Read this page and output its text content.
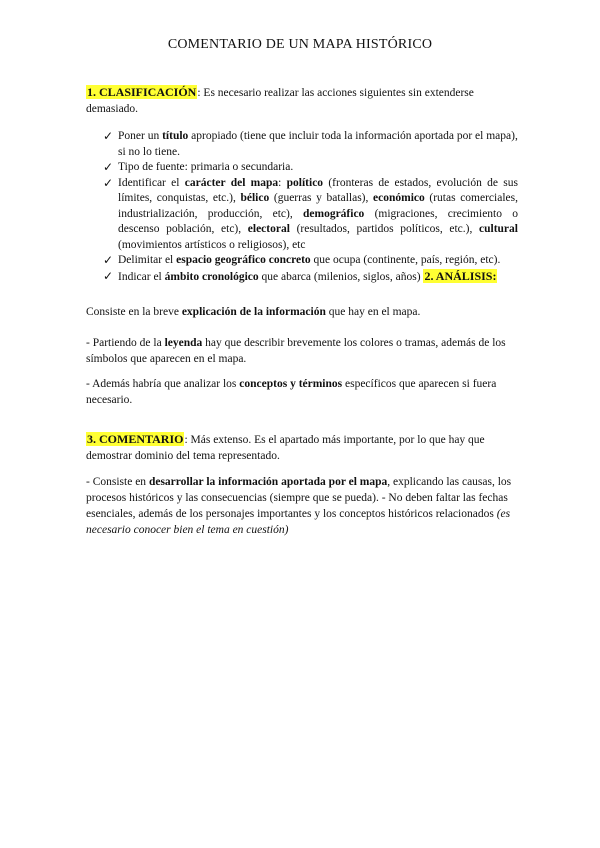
COMENTARIO DE UN MAPA HISTÓRICO
1. CLASIFICACIÓN: Es necesario realizar las acciones siguientes sin extenderse demasiado.
✓ Poner un título apropiado (tiene que incluir toda la información aportada por el mapa), si no lo tiene.
✓ Tipo de fuente: primaria o secundaria.
✓ Identificar el carácter del mapa: político (fronteras de estados, evolución de sus límites, conquistas, etc.), bélico (guerras y batallas), económico (rutas comerciales, industrialización, producción, etc), demográfico (migraciones, crecimiento o descenso población, etc), electoral (resultados, partidos políticos, etc.), cultural (movimientos artísticos o religiosos), etc
✓ Delimitar el espacio geográfico concreto que ocupa (continente, país, región, etc).
✓ Indicar el ámbito cronológico que abarca (milenios, siglos, años) 2. ANÁLISIS:
Consiste en la breve explicación de la información que hay en el mapa.
- Partiendo de la leyenda hay que describir brevemente los colores o tramas, además de los símbolos que aparecen en el mapa.
- Además habría que analizar los conceptos y términos específicos que aparecen si fuera necesario.
3. COMENTARIO: Más extenso. Es el apartado más importante, por lo que hay que demostrar dominio del tema representado.
- Consiste en desarrollar la información aportada por el mapa, explicando las causas, los procesos históricos y las consecuencias (siempre que se pueda). - No deben faltar las fechas esenciales, además de los personajes importantes y los conceptos históricos relacionados (es necesario conocer bien el tema en cuestión)
